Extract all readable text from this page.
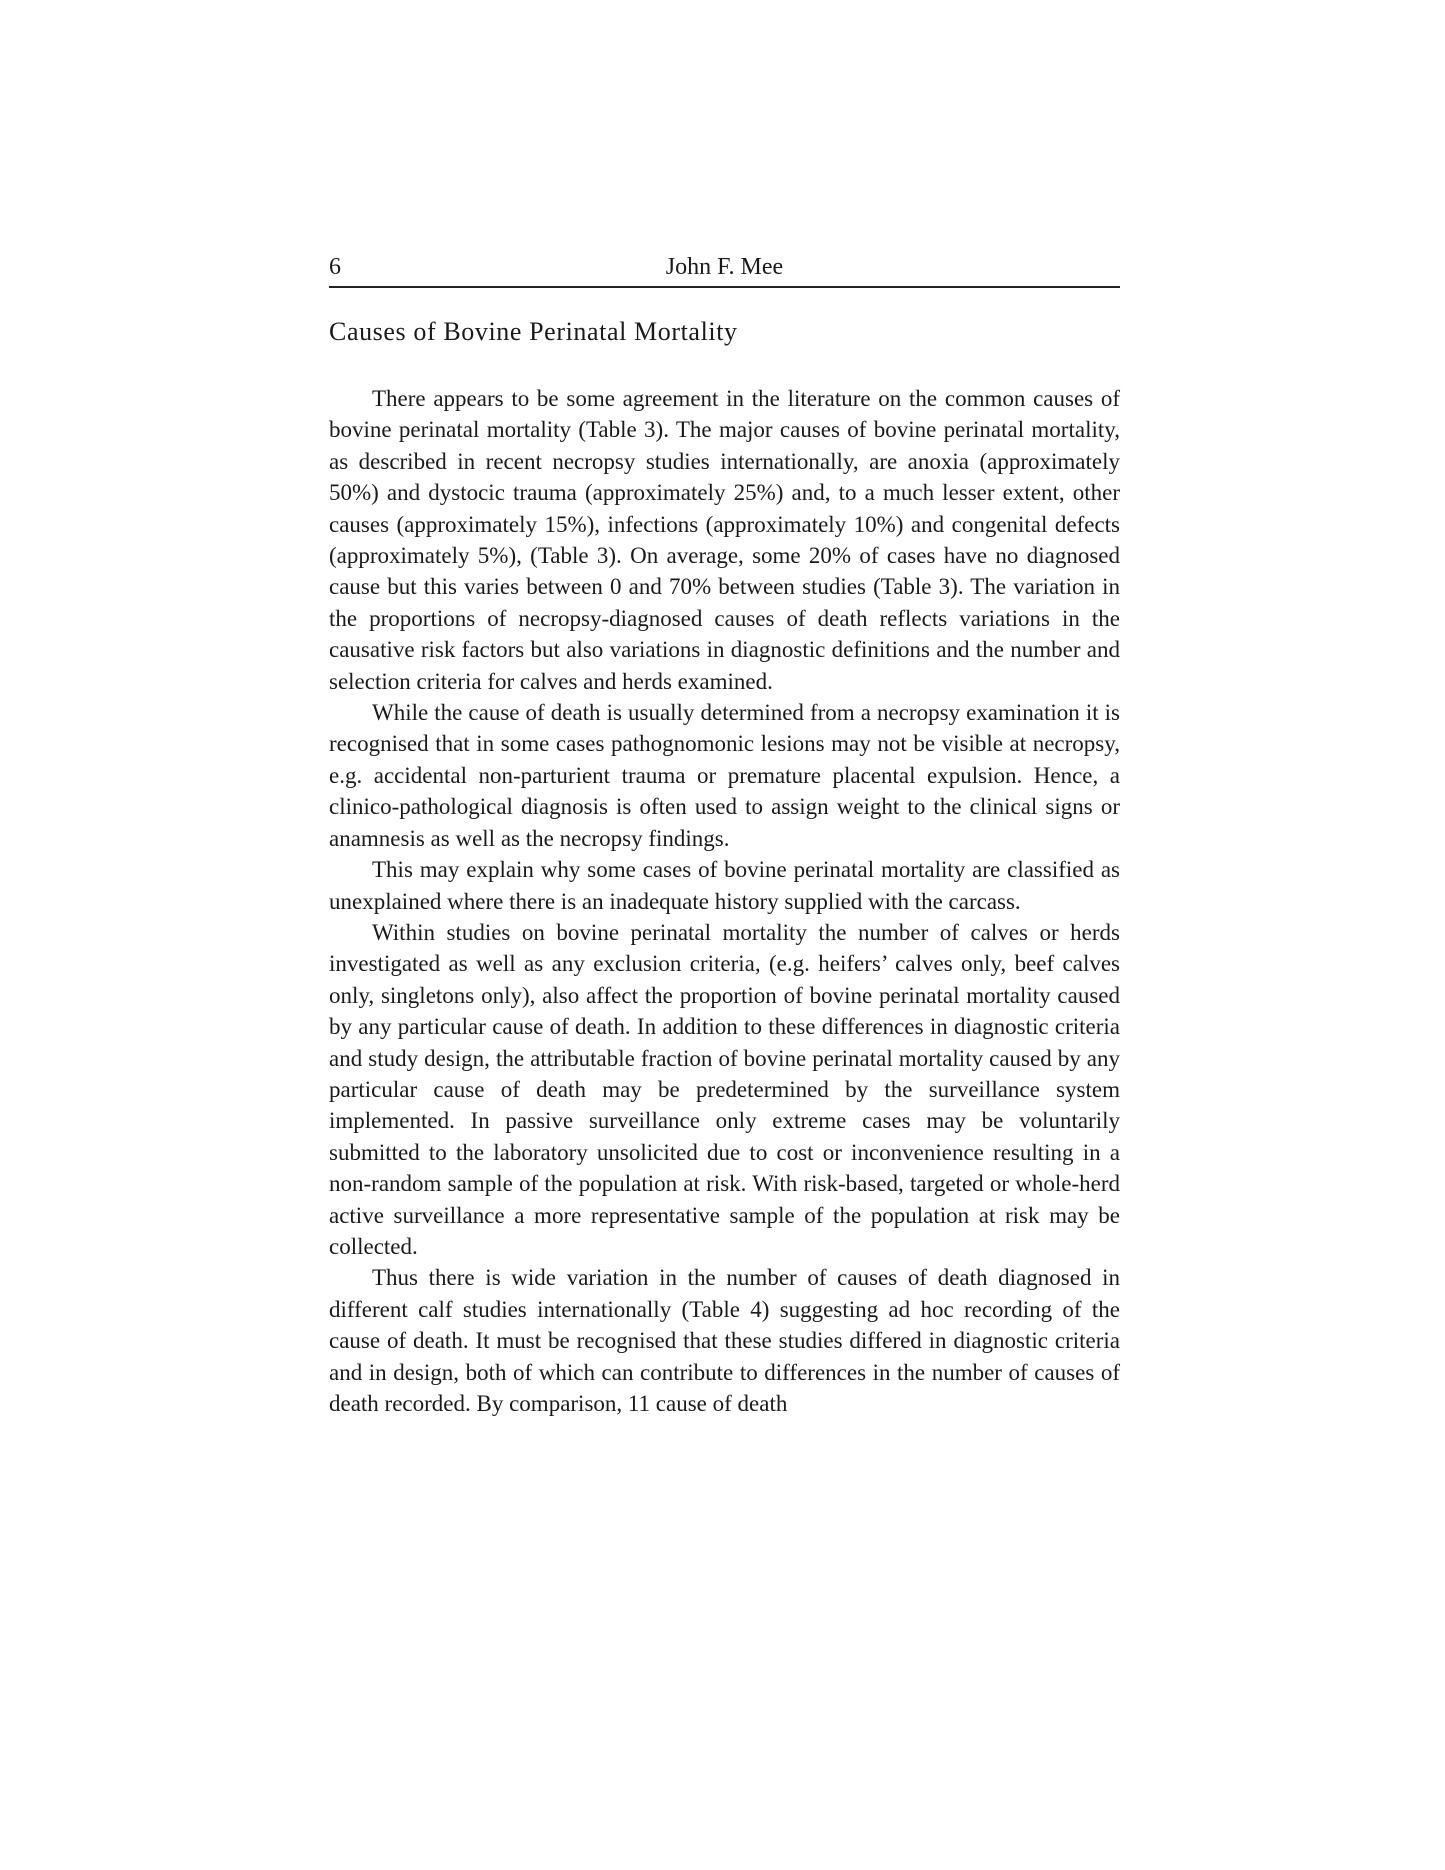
6	John F. Mee
Causes of Bovine Perinatal Mortality

There appears to be some agreement in the literature on the common causes of bovine perinatal mortality (Table 3). The major causes of bovine perinatal mortality, as described in recent necropsy studies internationally, are anoxia (approximately 50%) and dystocic trauma (approximately 25%) and, to a much lesser extent, other causes (approximately 15%), infections (approximately 10%) and congenital defects (approximately 5%), (Table 3). On average, some 20% of cases have no diagnosed cause but this varies between 0 and 70% between studies (Table 3). The variation in the proportions of necropsy-diagnosed causes of death reflects variations in the causative risk factors but also variations in diagnostic definitions and the number and selection criteria for calves and herds examined.

While the cause of death is usually determined from a necropsy examination it is recognised that in some cases pathognomonic lesions may not be visible at necropsy, e.g. accidental non-parturient trauma or premature placental expulsion. Hence, a clinico-pathological diagnosis is often used to assign weight to the clinical signs or anamnesis as well as the necropsy findings.

This may explain why some cases of bovine perinatal mortality are classified as unexplained where there is an inadequate history supplied with the carcass.

Within studies on bovine perinatal mortality the number of calves or herds investigated as well as any exclusion criteria, (e.g. heifers’ calves only, beef calves only, singletons only), also affect the proportion of bovine perinatal mortality caused by any particular cause of death. In addition to these differences in diagnostic criteria and study design, the attributable fraction of bovine perinatal mortality caused by any particular cause of death may be predetermined by the surveillance system implemented. In passive surveillance only extreme cases may be voluntarily submitted to the laboratory unsolicited due to cost or inconvenience resulting in a non-random sample of the population at risk. With risk-based, targeted or whole-herd active surveillance a more representative sample of the population at risk may be collected.

Thus there is wide variation in the number of causes of death diagnosed in different calf studies internationally (Table 4) suggesting ad hoc recording of the cause of death. It must be recognised that these studies differed in diagnostic criteria and in design, both of which can contribute to differences in the number of causes of death recorded. By comparison, 11 cause of death
